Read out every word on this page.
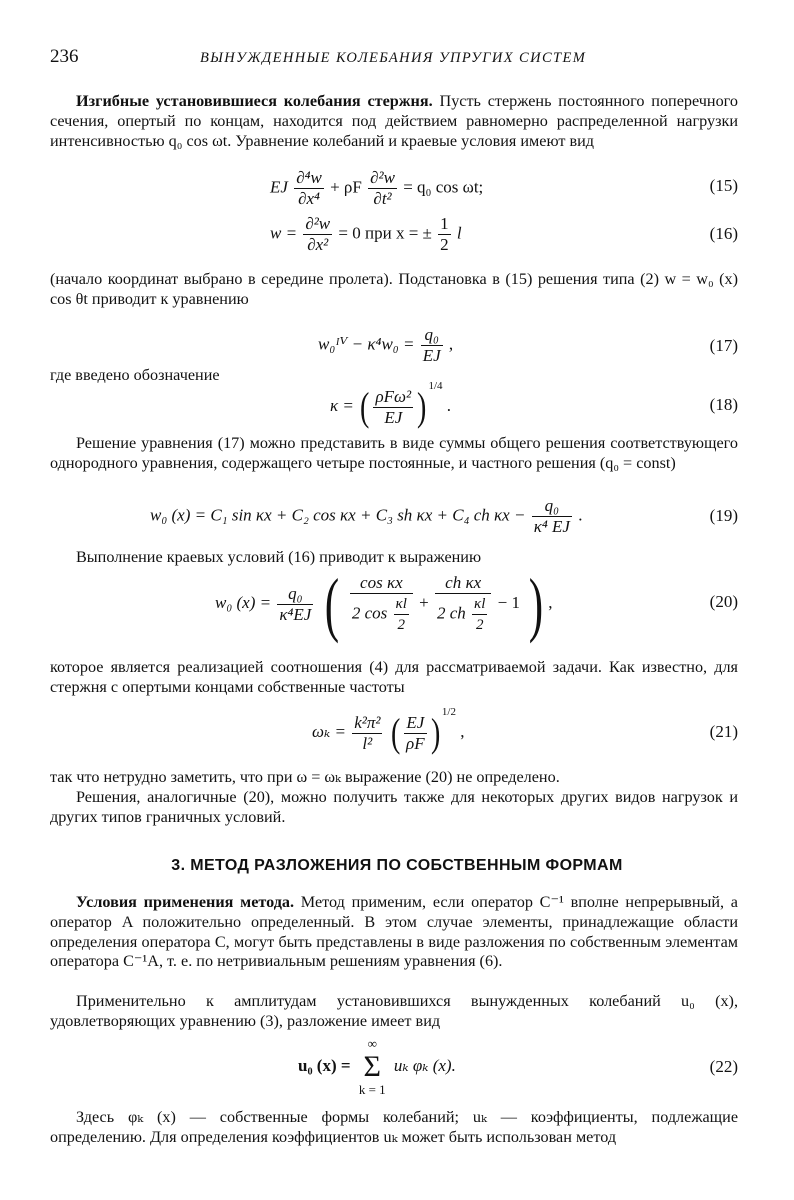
236	ВЫНУЖДЕННЫЕ КОЛЕБАНИЯ УПРУГИХ СИСТЕМ
Изгибные установившиеся колебания стержня. Пусть стержень постоянного поперечного сечения, опертый по концам, находится под действием равномерно распределенной нагрузки интенсивностью q₀ cos ωt. Уравнение колебаний и краевые условия имеют вид
EJ $\frac{\text{∂⁴w}}{\text{∂x⁴}} + \rho F \frac{\text{∂²w}}{\text{∂t²}} = q_0$ cos ωt;	(15)
$w = \frac{\text{∂²w}}{\text{∂x²}} = 0$ при x = ± $\frac{1}{2}$ l	(16)
(начало координат выбрано в середине пролета). Подстановка в (15) решения типа (2) w = w₀ (x) cos θt приводит к уравнению
w₀ᴵⱽ − $\kappa^4w_0 = \frac{\text{q₀}}{EJ}$ ,	(17)
где введено обозначение
κ = ( $\frac{\text{ρFω²}}{EJ}$ ) $^{1/4}$ .	(18)
Решение уравнения (17) можно представить в виде суммы общего решения соответствующего однородного уравнения, содержащего четыре постоянные, и частного решения (q₀ = const)
w₀ (x) = C₁ sin κx + C₂ cos κx + C₃ sh κx + C₄ ch $\kappa x - \frac{\text{q₀}}{\text{κ⁴ EJ}}$ .	(19)
Выполнение краевых условий (16) приводит к выражению
w₀ $(x) = \frac{\text{q₀}}{\text{κ⁴EJ}}$ ( $\frac{\text{cos κx}}{2 \cos \frac{\kappa l}{2}} + \frac{\text{ch κx}}{2 ch \frac{\kappa l}{2}} - 1$ ) ,	(20)
которое является реализацией соотношения (4) для рассматриваемой задачи. Как известно, для стержня с опертыми концами собственные частоты
$\omega_k = \frac{\text{k²π²}}{\text{l²}}$ ( $\frac{EJ}{\rho F}$ ) $^{1/2}$ ,	(21)
так что нетрудно заметить, что при ω = ωₖ выражение (20) не определено.
Решения, аналогичные (20), можно получить также для некоторых других видов нагрузок и других типов граничных условий.
3. МЕТОД РАЗЛОЖЕНИЯ ПО СОБСТВЕННЫМ ФОРМАМ
Условия применения метода. Метод применим, если оператор C⁻¹ вполне непрерывный, а оператор A положительно определенный. В этом случае элементы, принадлежащие области определения оператора C, могут быть представлены в виде разложения по собственным элементам оператора C⁻¹A, т. е. по нетривиальным решениям уравнения (6).
Применительно к амплитудам установившихся вынужденных колебаний u₀ (x), удовлетворяющих уравнению (3), разложение имеет вид
u₀ (x) =
∞
Σ
k = 1
uₖ φₖ (x).	(22)
Здесь φₖ (x) — собственные формы колебаний; uₖ — коэффициенты, подлежащие определению. Для определения коэффициентов uₖ может быть использован метод
